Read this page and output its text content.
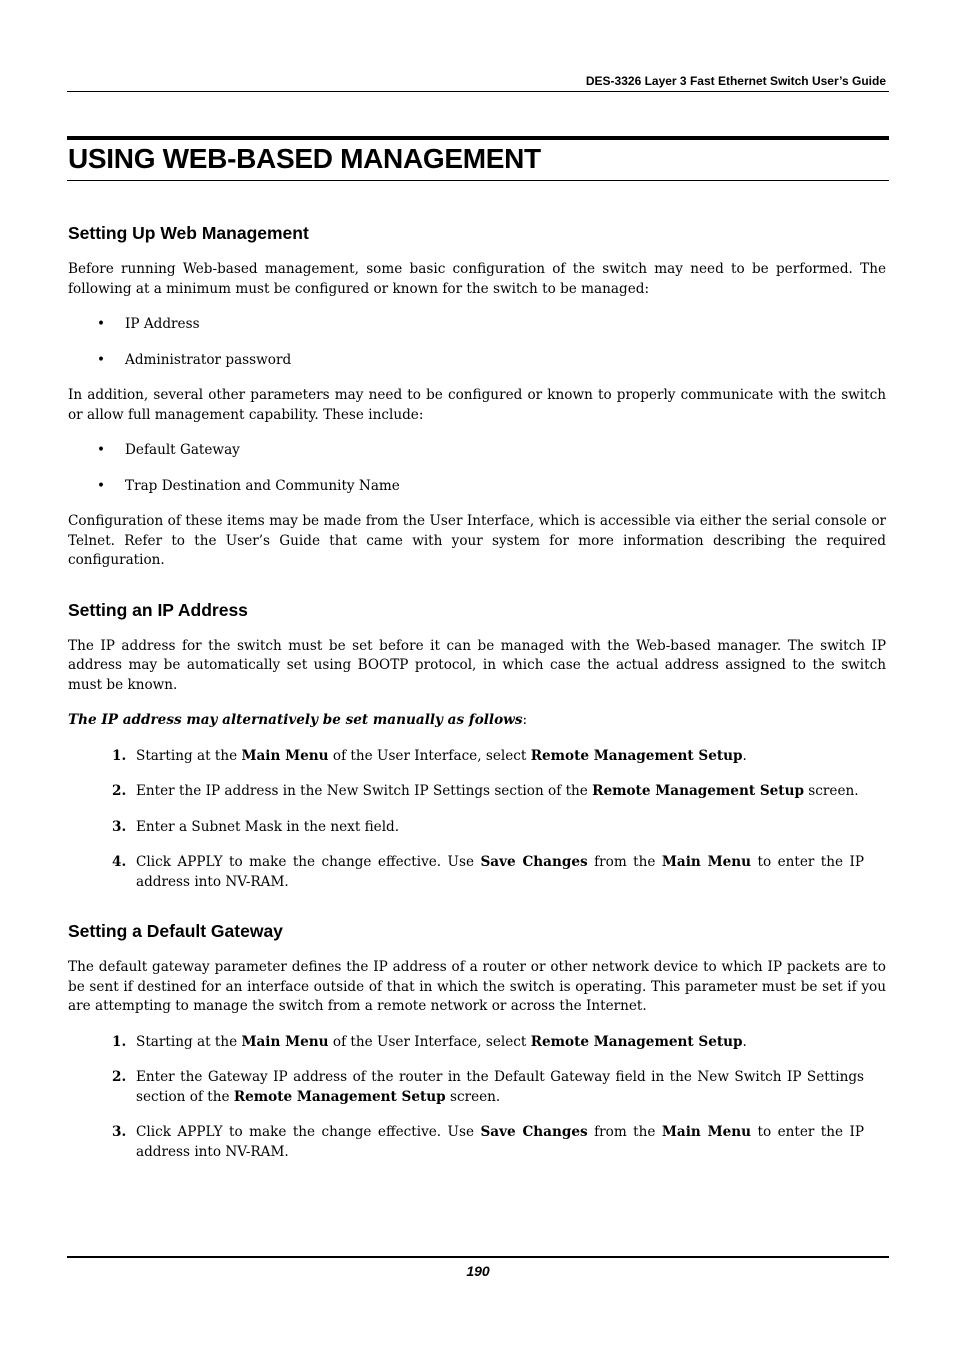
DES-3326 Layer 3 Fast Ethernet Switch User’s Guide
USING WEB-BASED MANAGEMENT
Setting Up Web Management

Before running Web-based management, some basic configuration of the switch may need to be performed. The following at a minimum must be configured or known for the switch to be managed:

• IP Address
• Administrator password

In addition, several other parameters may need to be configured or known to properly communicate with the switch or allow full management capability. These include:

• Default Gateway
• Trap Destination and Community Name

Configuration of these items may be made from the User Interface, which is accessible via either the serial console or Telnet. Refer to the User’s Guide that came with your system for more information describing the required configuration.

Setting an IP Address

The IP address for the switch must be set before it can be managed with the Web-based manager. The switch IP address may be automatically set using BOOTP protocol, in which case the actual address assigned to the switch must be known.

The IP address may alternatively be set manually as follows:

1. Starting at the Main Menu of the User Interface, select Remote Management Setup.
2. Enter the IP address in the New Switch IP Settings section of the Remote Management Setup screen.
3. Enter a Subnet Mask in the next field.
4. Click APPLY to make the change effective. Use Save Changes from the Main Menu to enter the IP address into NV-RAM.
Setting a Default Gateway

The default gateway parameter defines the IP address of a router or other network device to which IP packets are to be sent if destined for an interface outside of that in which the switch is operating. This parameter must be set if you are attempting to manage the switch from a remote network or across the Internet.

1. Starting at the Main Menu of the User Interface, select Remote Management Setup.
2. Enter the Gateway IP address of the router in the Default Gateway field in the New Switch IP Settings section of the Remote Management Setup screen.
3. Click APPLY to make the change effective. Use Save Changes from the Main Menu to enter the IP address into NV-RAM.
190
